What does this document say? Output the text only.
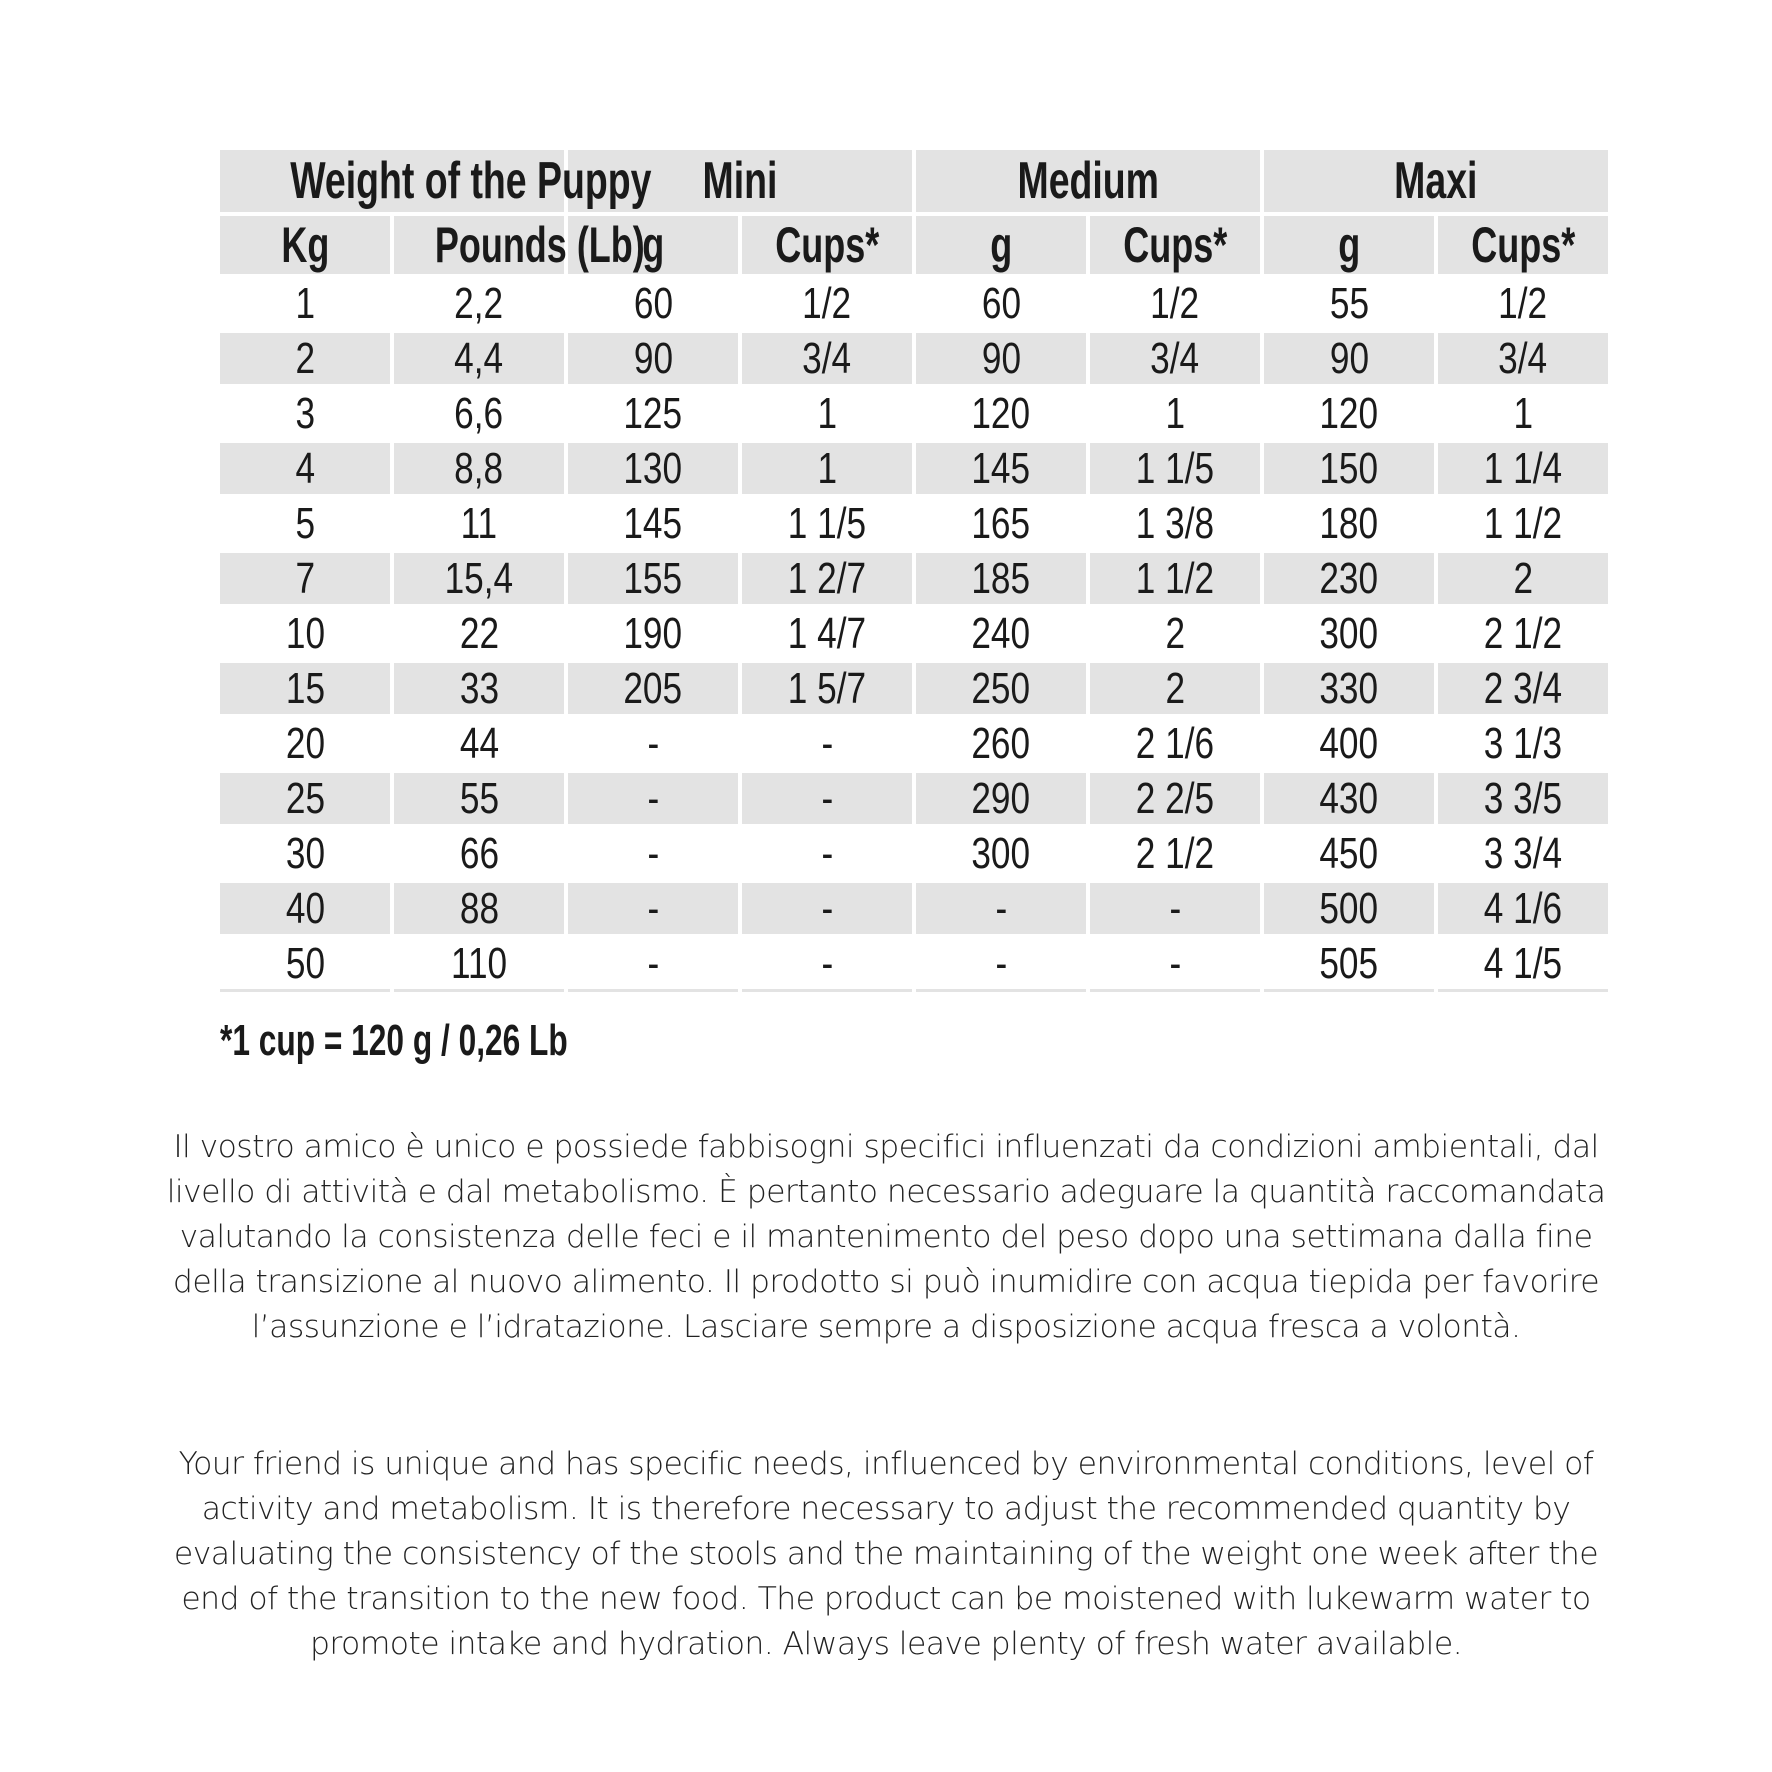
Weight of the Puppy		Mini		Medium		Maxi	
Kg	Pounds (Lb)	g	Cups*	g	Cups*	g	Cups*
1	2,2	60	1/2	60	1/2	55	1/2
2	4,4	90	3/4	90	3/4	90	3/4
3	6,6	125	1	120	1	120	1
4	8,8	130	1	145	1 1/5	150	1 1/4
5	11	145	1 1/5	165	1 3/8	180	1 1/2
7	15,4	155	1 2/7	185	1 1/2	230	2
10	22	190	1 4/7	240	2	300	2 1/2
15	33	205	1 5/7	250	2	330	2 3/4
20	44	-	-	260	2 1/6	400	3 1/3
25	55	-	-	290	2 2/5	430	3 3/5
30	66	-	-	300	2 1/2	450	3 3/4
40	88	-	-	-	-	500	4 1/6
50	110	-	-	-	-	505	4 1/5
*1 cup = 120 g / 0,26 Lb

Il vostro amico è unico e possiede fabbisogni specifici influenzati da condizioni ambientali, dal livello di attività e dal metabolismo. È pertanto necessario adeguare la quantità raccomandata valutando la consistenza delle feci e il mantenimento del peso dopo una settimana dalla fine della transizione al nuovo alimento. Il prodotto si può inumidire con acqua tiepida per favorire l’assunzione e l’idratazione. Lasciare sempre a disposizione acqua fresca a volontà.

Your friend is unique and has specific needs, influenced by environmental conditions, level of activity and metabolism. It is therefore necessary to adjust the recommended quantity by evaluating the consistency of the stools and the maintaining of the weight one week after the end of the transition to the new food. The product can be moistened with lukewarm water to promote intake and hydration. Always leave plenty of fresh water available.
